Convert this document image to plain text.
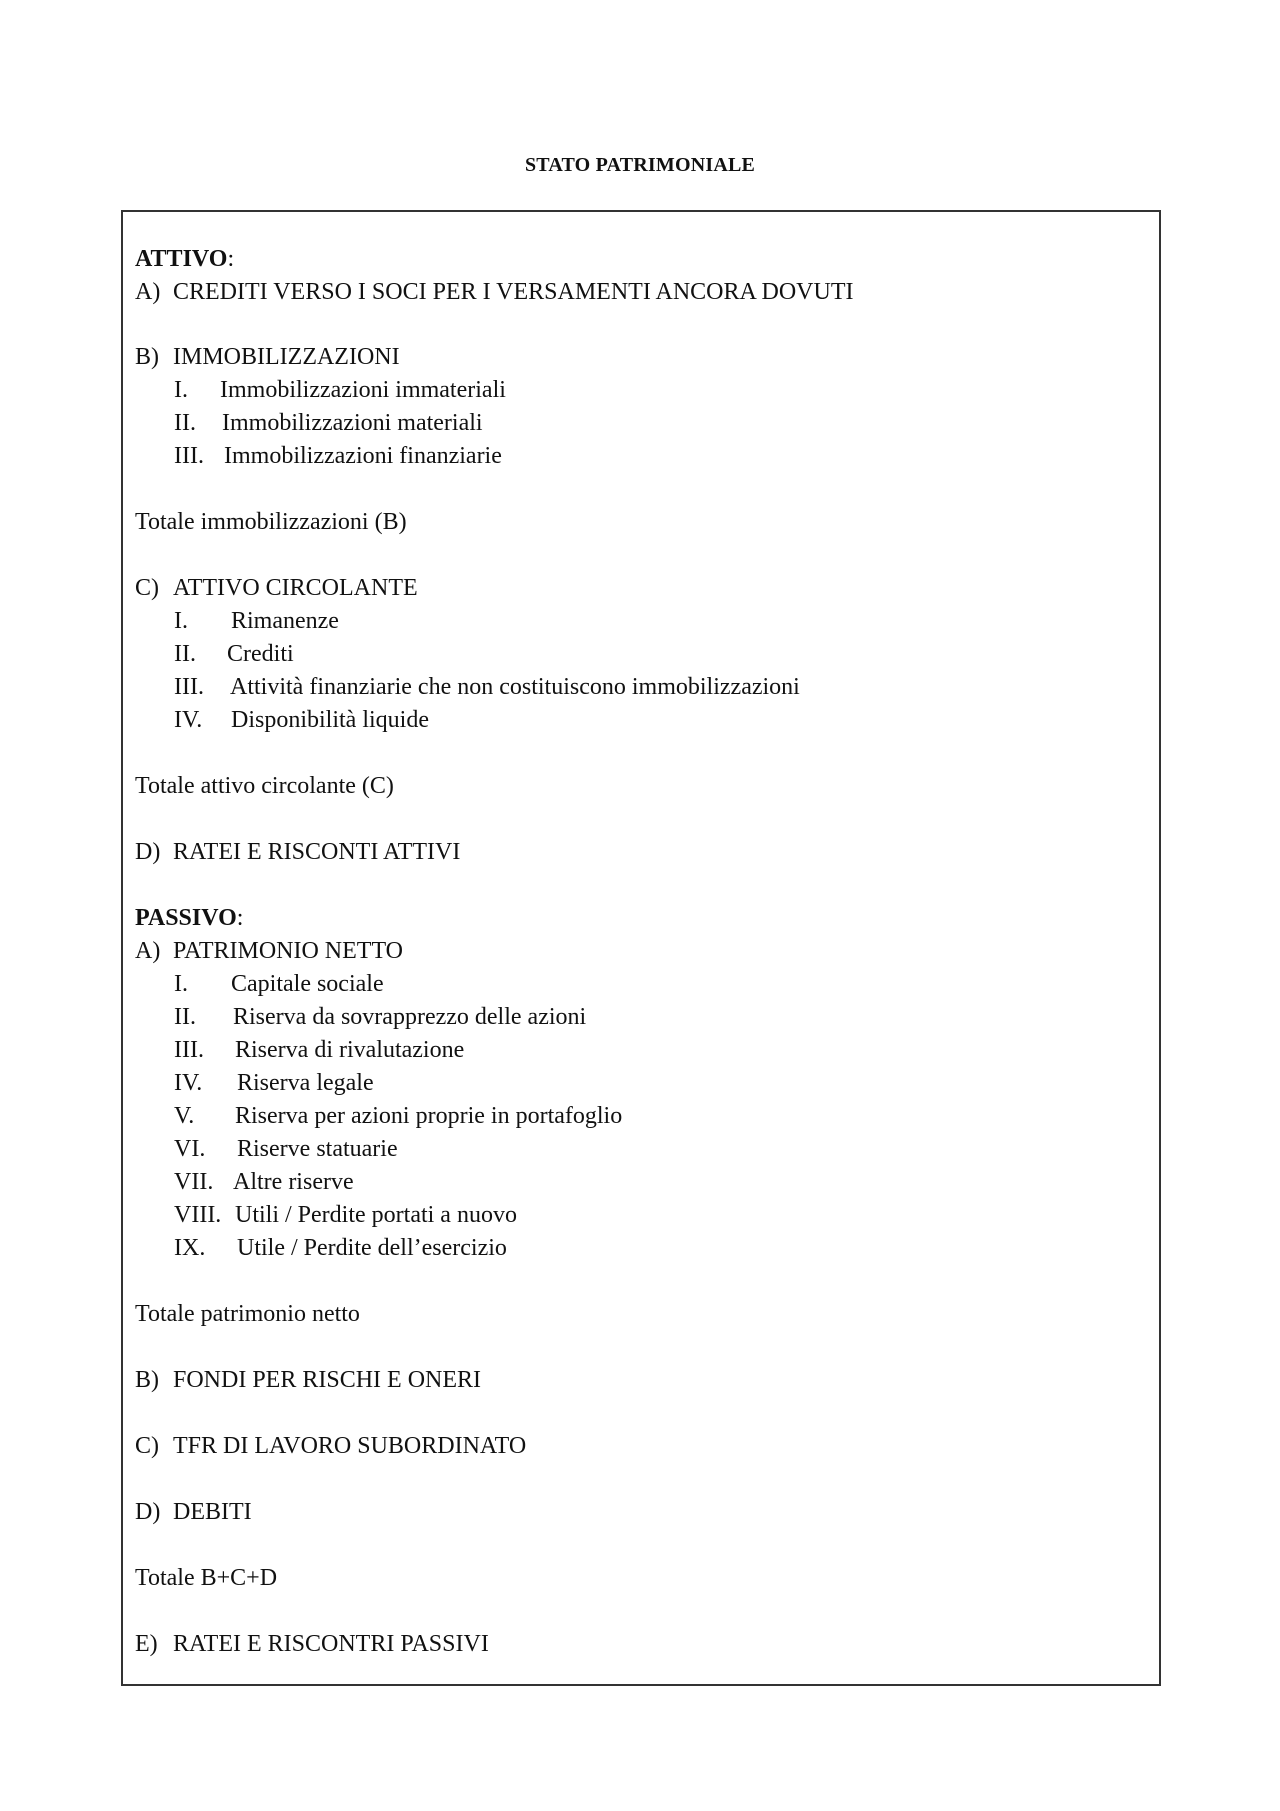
STATO PATRIMONIALE
ATTIVO:
A) CREDITI VERSO I SOCI PER I VERSAMENTI ANCORA DOVUTI
B) IMMOBILIZZAZIONI
I. Immobilizzazioni immateriali
II. Immobilizzazioni materiali
III. Immobilizzazioni finanziarie
Totale immobilizzazioni (B)
C) ATTIVO CIRCOLANTE
I. Rimanenze
II. Crediti
III. Attività finanziarie che non costituiscono immobilizzazioni
IV. Disponibilità liquide
Totale attivo circolante (C)
D) RATEI E RISCONTI ATTIVI
PASSIVO:
A) PATRIMONIO NETTO
I. Capitale sociale
II. Riserva da sovrapprezzo delle azioni
III. Riserva di rivalutazione
IV. Riserva legale
V. Riserva per azioni proprie in portafoglio
VI. Riserve statuarie
VII. Altre riserve
VIII. Utili / Perdite portati a nuovo
IX. Utile / Perdite dell’esercizio
Totale patrimonio netto
B) FONDI PER RISCHI E ONERI
C) TFR DI LAVORO SUBORDINATO
D) DEBITI
Totale B+C+D
E) RATEI E RISCONTRI PASSIVI
